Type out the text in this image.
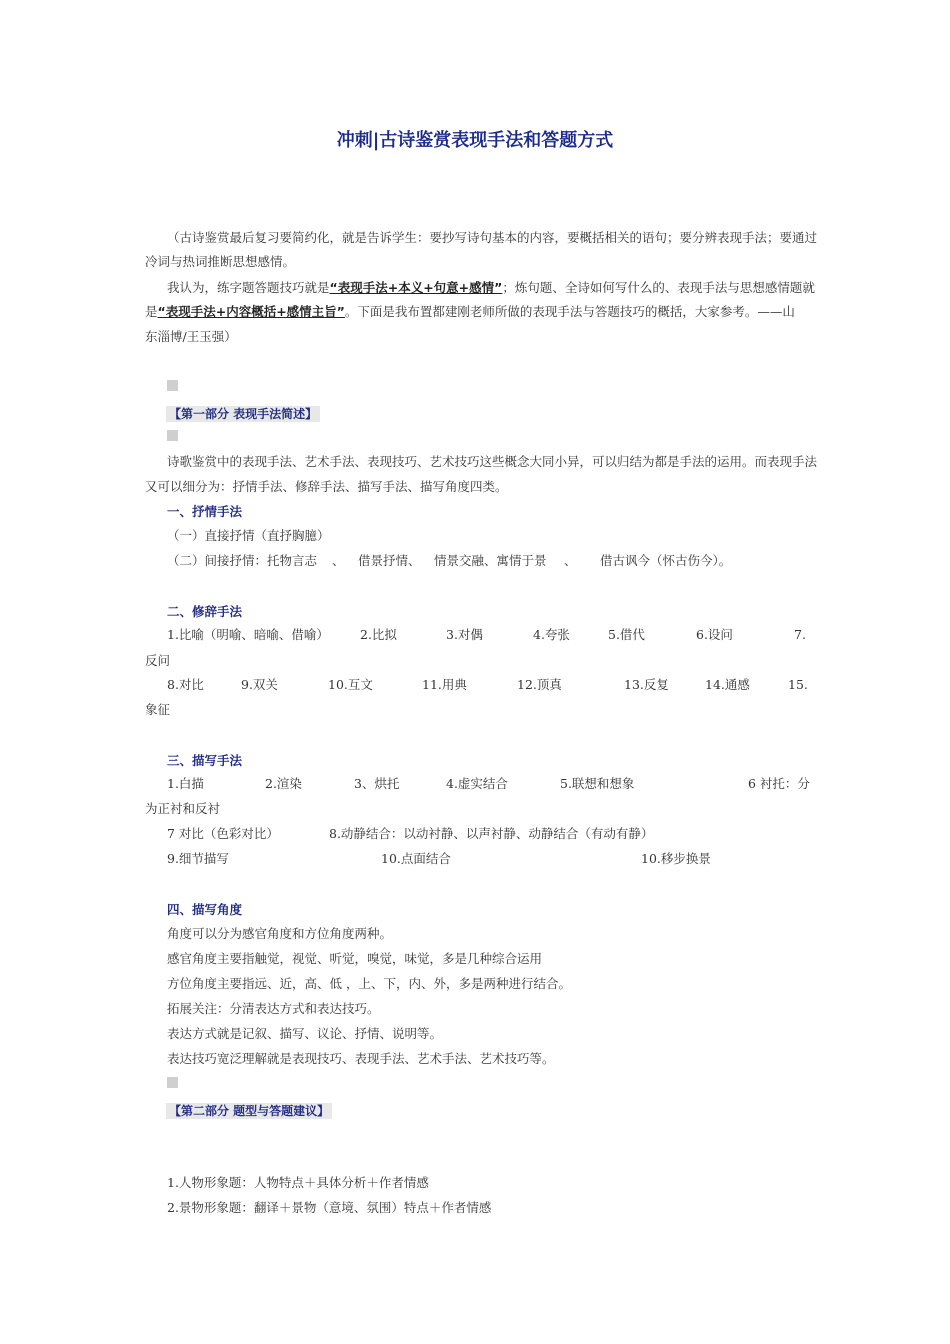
冲刺|古诗鉴赏表现手法和答题方式
（古诗鉴赏最后复习要简约化，就是告诉学生：要抄写诗句基本的内容，要概括相关的语句；要分辨表现手法；要通过
冷词与热词推断思想感情。
我认为，练字题答题技巧就是“表现手法+本义+句意+感情”；炼句题、全诗如何写什么的、表现手法与思想感情题就
是“表现手法+内容概括+感情主旨”。下面是我布置都建刚老师所做的表现手法与答题技巧的概括，大家参考。——山
东淄博/王玉强）
【第一部分 表现手法简述】
诗歌鉴赏中的表现手法、艺术手法、表现技巧、艺术技巧这些概念大同小异，可以归结为都是手法的运用。而表现手法
又可以细分为：抒情手法、修辞手法、描写手法、描写角度四类。
一、抒情手法
（一）直接抒情（直抒胸臆）
（二）间接抒情：托物言志 、 借景抒情、 情景交融、寓情于景 、 借古讽今（怀古伤今）。
二、修辞手法
1.比喻（明喻、暗喻、借喻） 2.比拟	3.对偶	4.夸张	5.借代	6.设问	7.
反问
8.对比	9.双关	10.互文	11.用典	12.顶真	13.反复	14.通感	15.
象征
三、描写手法
1.白描	2.渲染	3、烘托	4.虚实结合	5.联想和想象	6 衬托：分
为正衬和反衬
7 对比（色彩对比）	8.动静结合：以动衬静、以声衬静、动静结合（有动有静）
9.细节描写	10.点面结合	10.移步换景
四、描写角度
角度可以分为感官角度和方位角度两种。
感官角度主要指触觉，视觉、听觉，嗅觉，味觉，多是几种综合运用
方位角度主要指远、近，高、低 ，上、下，内、外，多是两种进行结合。
拓展关注：分清表达方式和表达技巧。
表达方式就是记叙、描写、议论、抒情、说明等。
表达技巧宽泛理解就是表现技巧、表现手法、艺术手法、艺术技巧等。
【第二部分 题型与答题建议】
1.人物形象题：人物特点＋具体分析＋作者情感
2.景物形象题：翻译＋景物（意境、氛围）特点＋作者情感
